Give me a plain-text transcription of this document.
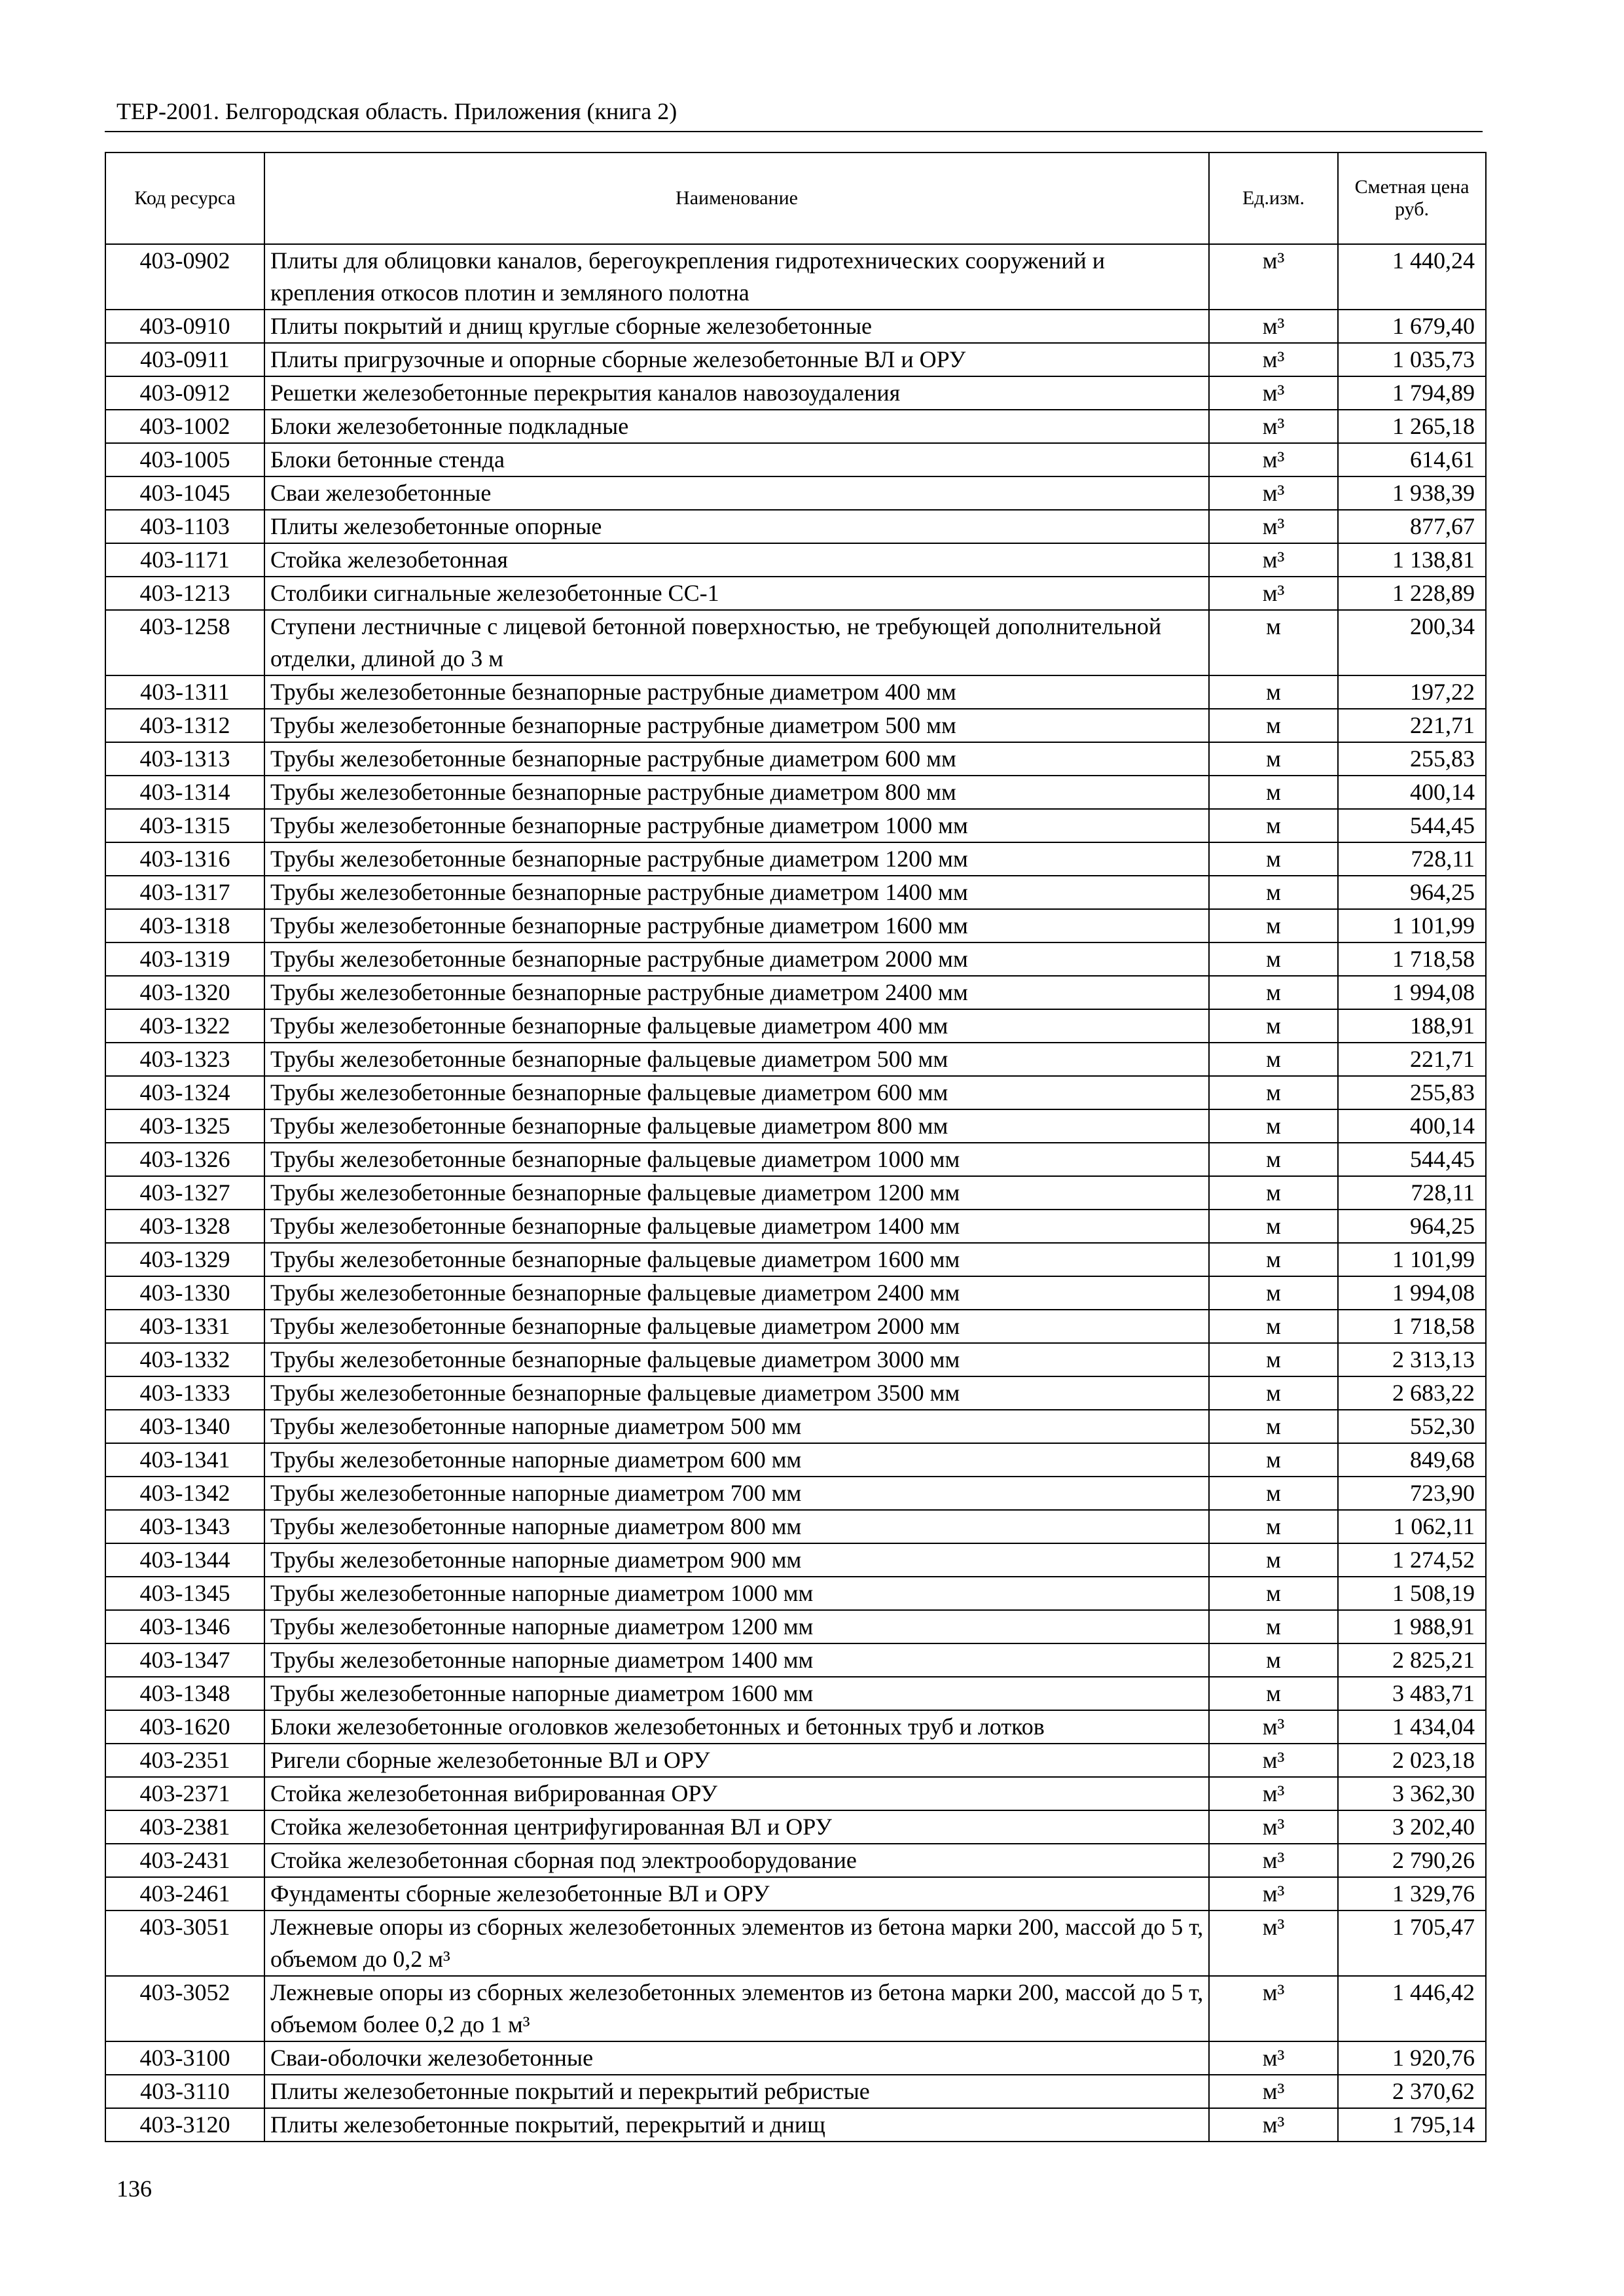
ТЕР-2001. Белгородская область. Приложения (книга 2)
Код ресурса	Наименование	Ед.изм.	Сметная цена руб.
403-0902	Плиты для облицовки каналов, берегоукрепления гидротехнических сооружений и крепления откосов плотин и земляного полотна	м³	1 440,24
403-0910	Плиты покрытий и днищ круглые сборные железобетонные	м³	1 679,40
403-0911	Плиты пригрузочные и опорные сборные железобетонные ВЛ и ОРУ	м³	1 035,73
403-0912	Решетки железобетонные перекрытия каналов навозоудаления	м³	1 794,89
403-1002	Блоки железобетонные подкладные	м³	1 265,18
403-1005	Блоки бетонные стенда	м³	614,61
403-1045	Сваи железобетонные	м³	1 938,39
403-1103	Плиты железобетонные опорные	м³	877,67
403-1171	Стойка железобетонная	м³	1 138,81
403-1213	Столбики сигнальные железобетонные СС-1	м³	1 228,89
403-1258	Ступени лестничные с лицевой бетонной поверхностью, не требующей дополнительной отделки, длиной до 3 м	м	200,34
403-1311	Трубы железобетонные безнапорные раструбные диаметром 400 мм	м	197,22
403-1312	Трубы железобетонные безнапорные раструбные диаметром 500 мм	м	221,71
403-1313	Трубы железобетонные безнапорные раструбные диаметром 600 мм	м	255,83
403-1314	Трубы железобетонные безнапорные раструбные диаметром 800 мм	м	400,14
403-1315	Трубы железобетонные безнапорные раструбные диаметром 1000 мм	м	544,45
403-1316	Трубы железобетонные безнапорные раструбные диаметром 1200 мм	м	728,11
403-1317	Трубы железобетонные безнапорные раструбные диаметром 1400 мм	м	964,25
403-1318	Трубы железобетонные безнапорные раструбные диаметром 1600 мм	м	1 101,99
403-1319	Трубы железобетонные безнапорные раструбные диаметром 2000 мм	м	1 718,58
403-1320	Трубы железобетонные безнапорные раструбные диаметром 2400 мм	м	1 994,08
403-1322	Трубы железобетонные безнапорные фальцевые диаметром 400 мм	м	188,91
403-1323	Трубы железобетонные безнапорные фальцевые диаметром 500 мм	м	221,71
403-1324	Трубы железобетонные безнапорные фальцевые диаметром 600 мм	м	255,83
403-1325	Трубы железобетонные безнапорные фальцевые диаметром 800 мм	м	400,14
403-1326	Трубы железобетонные безнапорные фальцевые диаметром 1000 мм	м	544,45
403-1327	Трубы железобетонные безнапорные фальцевые диаметром 1200 мм	м	728,11
403-1328	Трубы железобетонные безнапорные фальцевые диаметром 1400 мм	м	964,25
403-1329	Трубы железобетонные безнапорные фальцевые диаметром 1600 мм	м	1 101,99
403-1330	Трубы железобетонные безнапорные фальцевые диаметром 2400 мм	м	1 994,08
403-1331	Трубы железобетонные безнапорные фальцевые диаметром 2000 мм	м	1 718,58
403-1332	Трубы железобетонные безнапорные фальцевые диаметром 3000 мм	м	2 313,13
403-1333	Трубы железобетонные безнапорные фальцевые диаметром 3500 мм	м	2 683,22
403-1340	Трубы железобетонные напорные диаметром 500 мм	м	552,30
403-1341	Трубы железобетонные напорные диаметром 600 мм	м	849,68
403-1342	Трубы железобетонные напорные диаметром 700 мм	м	723,90
403-1343	Трубы железобетонные напорные диаметром 800 мм	м	1 062,11
403-1344	Трубы железобетонные напорные диаметром 900 мм	м	1 274,52
403-1345	Трубы железобетонные напорные диаметром 1000 мм	м	1 508,19
403-1346	Трубы железобетонные напорные диаметром 1200 мм	м	1 988,91
403-1347	Трубы железобетонные напорные диаметром 1400 мм	м	2 825,21
403-1348	Трубы железобетонные напорные диаметром 1600 мм	м	3 483,71
403-1620	Блоки железобетонные оголовков железобетонных и бетонных труб и лотков	м³	1 434,04
403-2351	Ригели сборные железобетонные ВЛ и ОРУ	м³	2 023,18
403-2371	Стойка железобетонная вибрированная ОРУ	м³	3 362,30
403-2381	Стойка железобетонная центрифугированная ВЛ и ОРУ	м³	3 202,40
403-2431	Стойка железобетонная сборная под электрооборудование	м³	2 790,26
403-2461	Фундаменты сборные железобетонные ВЛ и ОРУ	м³	1 329,76
403-3051	Лежневые опоры из сборных железобетонных элементов из бетона марки 200, массой до 5 т, объемом до 0,2 м³	м³	1 705,47
403-3052	Лежневые опоры из сборных железобетонных элементов из бетона марки 200, массой до 5 т, объемом более 0,2 до 1 м³	м³	1 446,42
403-3100	Сваи-оболочки железобетонные	м³	1 920,76
403-3110	Плиты железобетонные покрытий и перекрытий ребристые	м³	2 370,62
403-3120	Плиты железобетонные покрытий, перекрытий и днищ	м³	1 795,14
136
